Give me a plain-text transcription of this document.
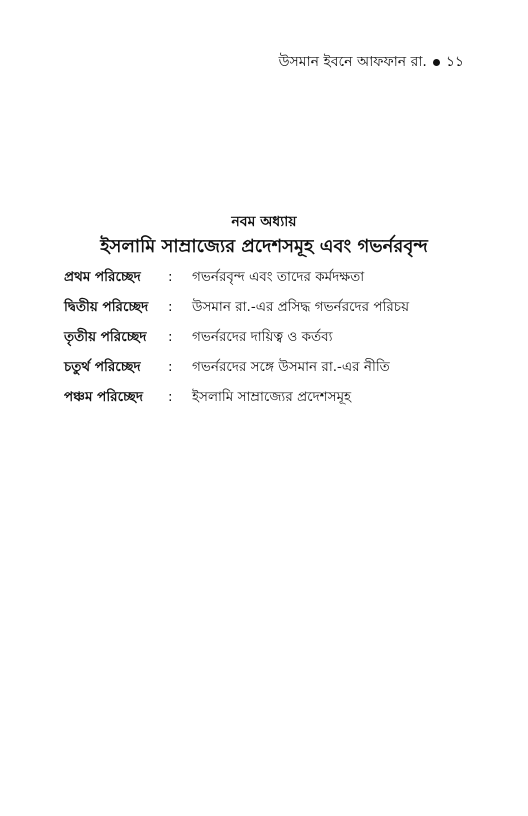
উসমান ইবনে আফফান রা. ১১
নবম অধ্যায়
ইসলামি সাম্রাজ্যের প্রদেশসমূহ এবং গভর্নরবৃন্দ
প্রথম পরিচ্ছেদ	:	গভর্নরবৃন্দ এবং তাদের কর্মদক্ষতা
দ্বিতীয় পরিচ্ছেদ	:	উসমান রা.-এর প্রসিদ্ধ গভর্নরদের পরিচয়
তৃতীয় পরিচ্ছেদ	:	গভর্নরদের দায়িত্ব ও কর্তব্য
চতুর্থ পরিচ্ছেদ	:	গভর্নরদের সঙ্গে উসমান রা.-এর নীতি
পঞ্চম পরিচ্ছেদ	:	ইসলামি সাম্রাজ্যের প্রদেশসমূহ
